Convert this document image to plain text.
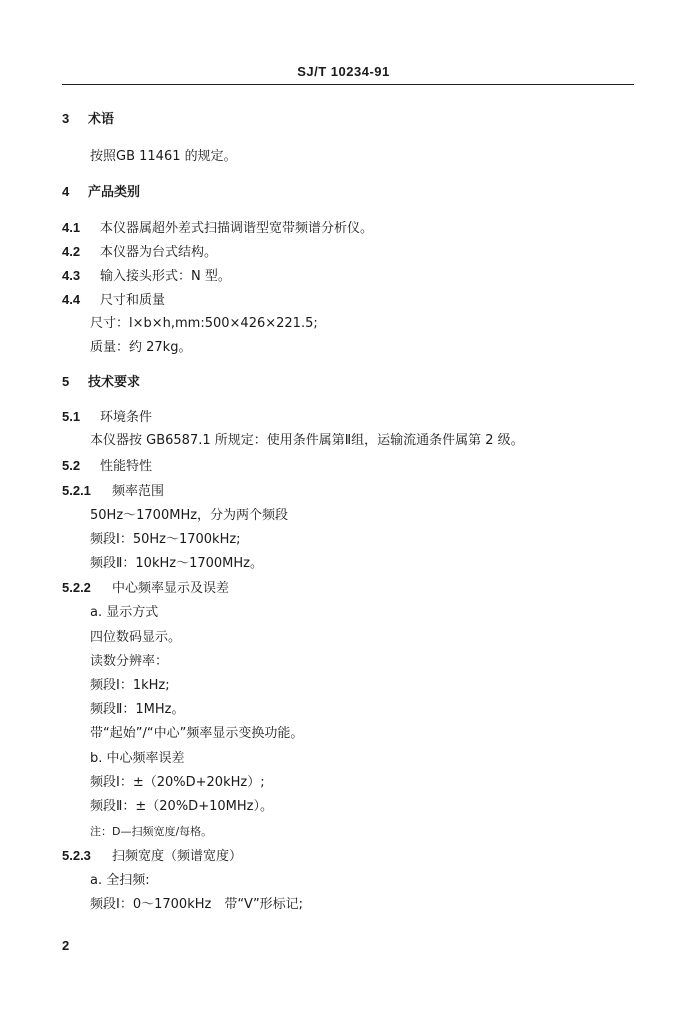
SJ/T 10234-91
3 术语
按照GB 11461 的规定。
4 产品类别
4.1 本仪器属超外差式扫描调谐型宽带频谱分析仪。
4.2 本仪器为台式结构。
4.3 输入接头形式：N 型。
4.4 尺寸和质量
尺寸：l×b×h,mm:500×426×221.5;
质量：约 27kg。
5 技术要求
5.1 环境条件
本仪器按 GB6587.1 所规定：使用条件属第Ⅱ组，运输流通条件属第 2 级。
5.2 性能特性
5.2.1 频率范围
50Hz～1700MHz，分为两个频段
频段Ⅰ：50Hz～1700kHz;
频段Ⅱ：10kHz～1700MHz。
5.2.2 中心频率显示及误差
a. 显示方式
四位数码显示。
读数分辨率：
频段Ⅰ：1kHz;
频段Ⅱ：1MHz。
带“起始”/“中心”频率显示变换功能。
b. 中心频率误差
频段Ⅰ：±（20%D+20kHz）;
频段Ⅱ：±（20%D+10MHz）。
注：D—扫频宽度/每格。
5.2.3 扫频宽度（频谱宽度）
a. 全扫频:
频段Ⅰ：0～1700kHz　带“V”形标记;
2
